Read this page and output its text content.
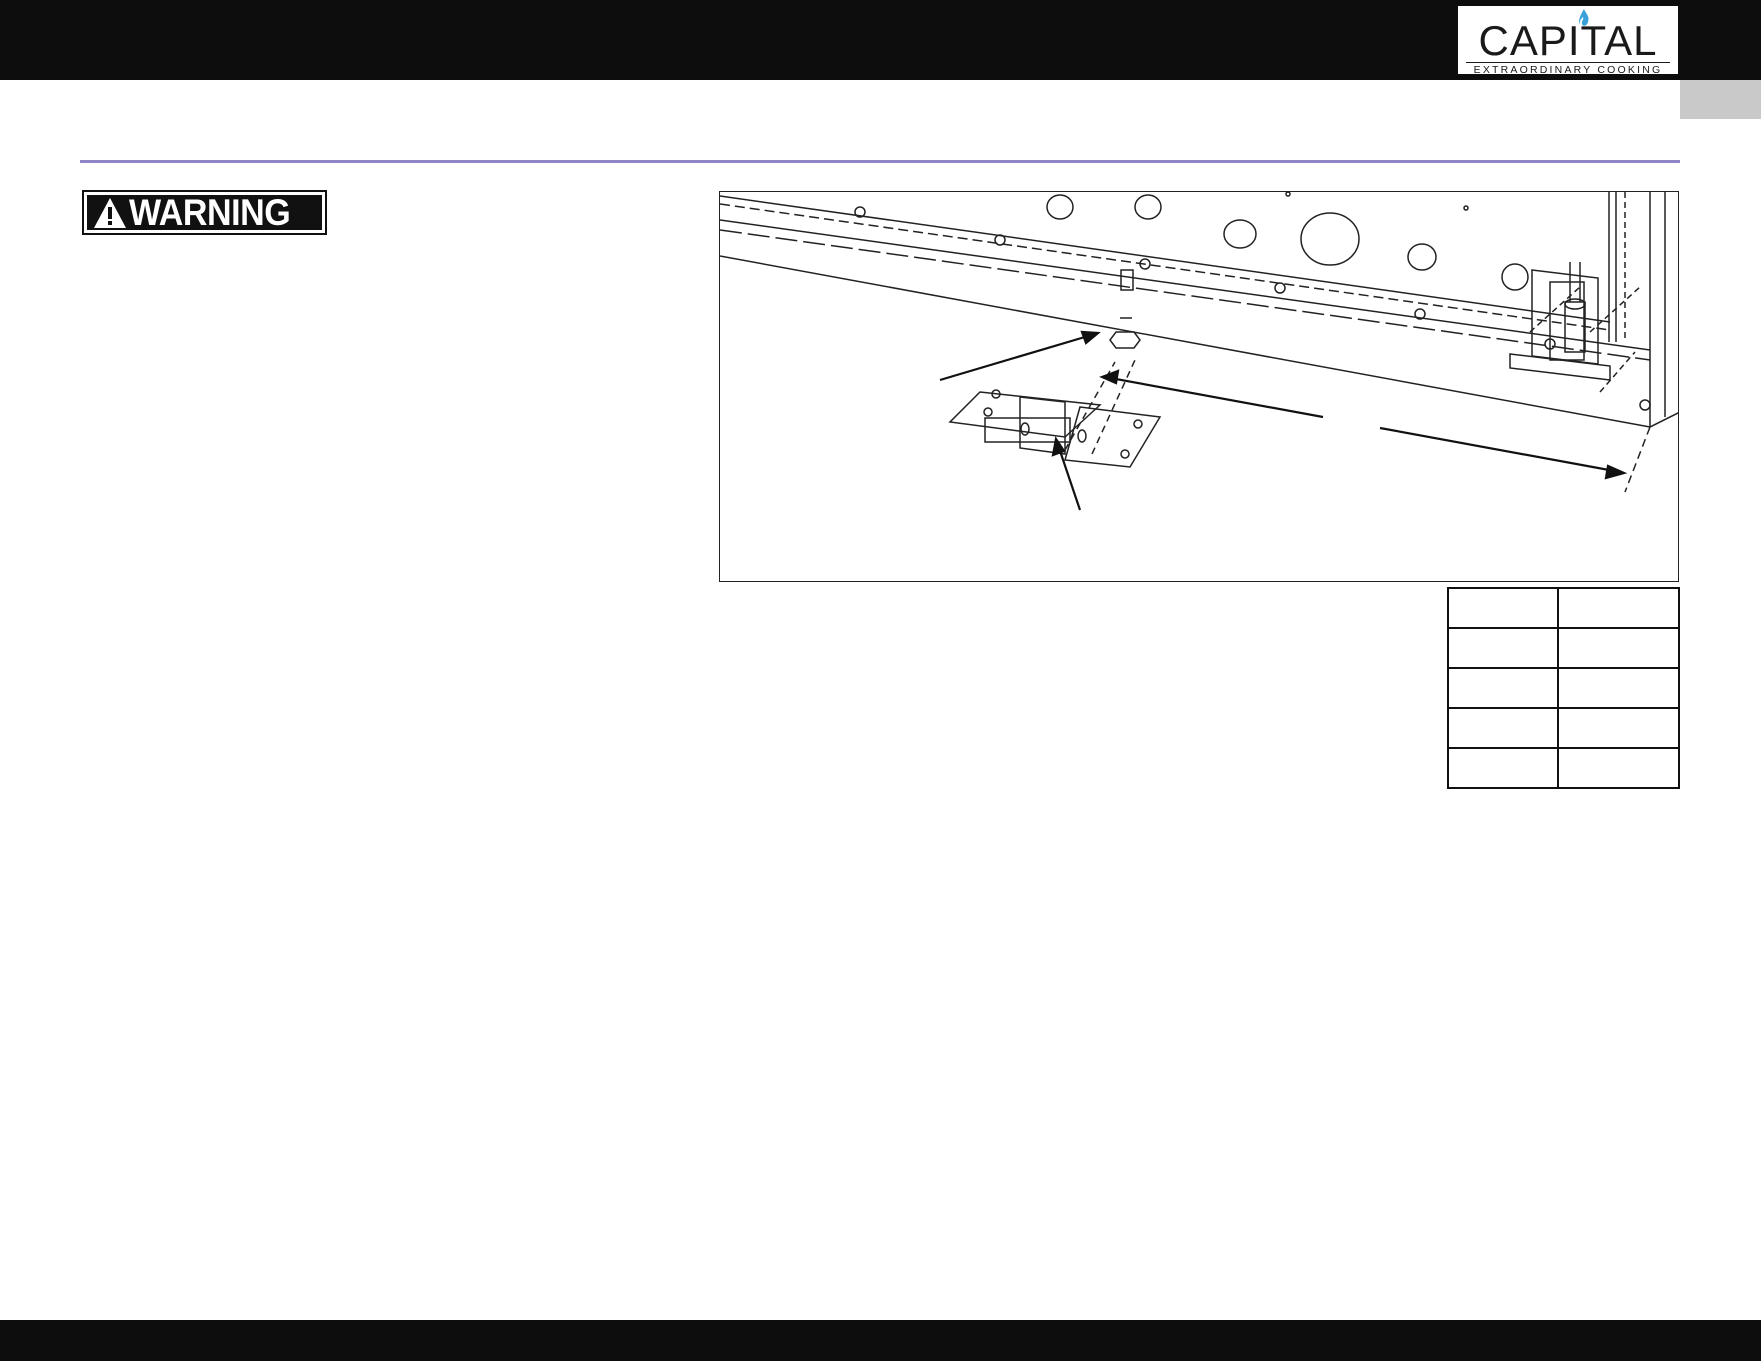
CAPITAL
EXTRAORDINARY COOKING
WARNING
